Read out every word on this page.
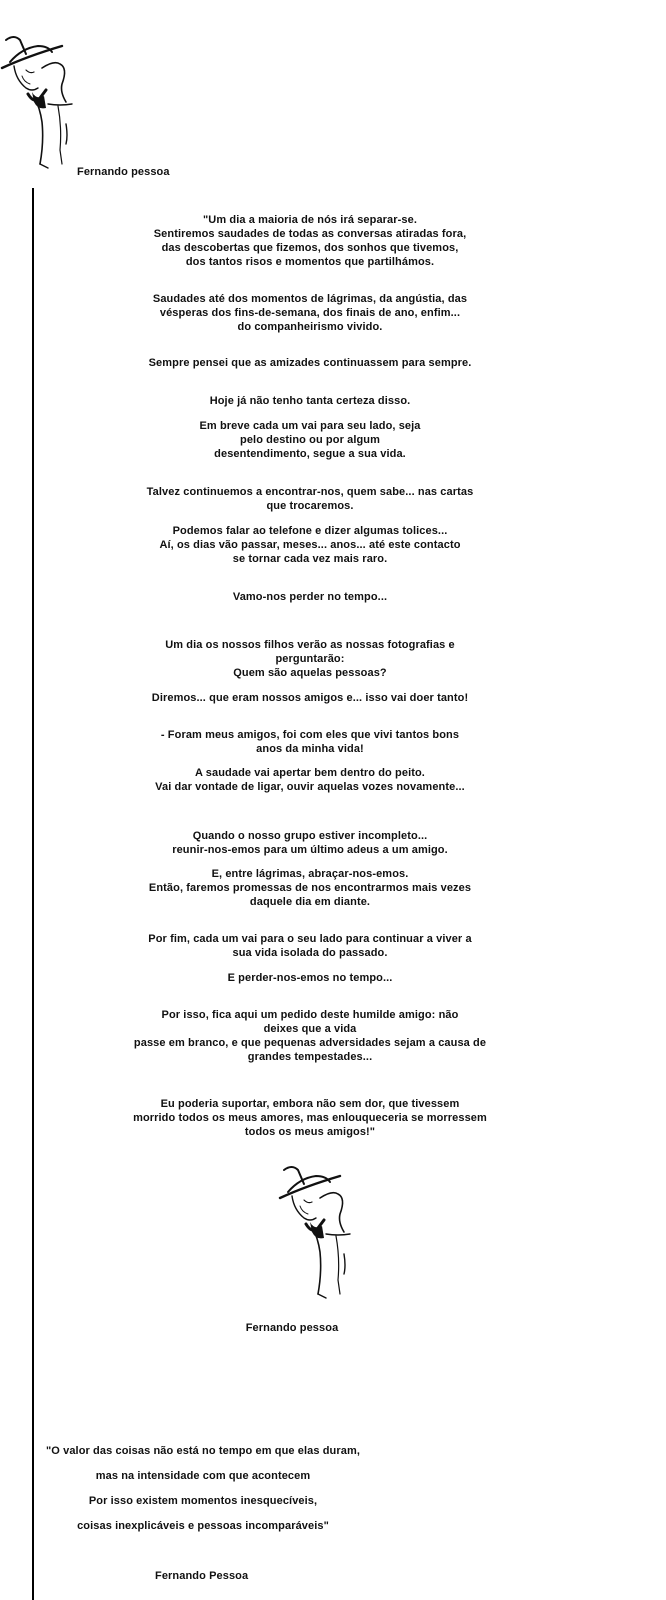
Fernando pessoa

"Um dia a maioria de nós irá separar-se.
Sentiremos saudades de todas as conversas atiradas fora,
das descobertas que fizemos, dos sonhos que tivemos,
dos tantos risos e momentos que partilhámos.

Saudades até dos momentos de lágrimas, da angústia, das
vésperas dos fins-de-semana, dos finais de ano, enfim...
do companheirismo vivido.

Sempre pensei que as amizades continuassem para sempre.

Hoje já não tenho tanta certeza disso.

Em breve cada um vai para seu lado, seja
pelo destino ou por algum
desentendimento, segue a sua vida.

Talvez continuemos a encontrar-nos, quem sabe... nas cartas
que trocaremos.

Podemos falar ao telefone e dizer algumas tolices...
Aí, os dias vão passar, meses... anos... até este contacto
se tornar cada vez mais raro.

Vamo-nos perder no tempo...

Um dia os nossos filhos verão as nossas fotografias e
perguntarão:
Quem são aquelas pessoas?

Diremos... que eram nossos amigos e... isso vai doer tanto!

- Foram meus amigos, foi com eles que vivi tantos bons
anos da minha vida!

A saudade vai apertar bem dentro do peito.
Vai dar vontade de ligar, ouvir aquelas vozes novamente...

Quando o nosso grupo estiver incompleto...
reunir-nos-emos para um último adeus a um amigo.

E, entre lágrimas, abraçar-nos-emos.
Então, faremos promessas de nos encontrarmos mais vezes
daquele dia em diante.

Por fim, cada um vai para o seu lado para continuar a viver a
sua vida isolada do passado.

E perder-nos-emos no tempo...

Por isso, fica aqui um pedido deste humilde amigo: não
deixes que a vida
passe em branco, e que pequenas adversidades sejam a causa de
grandes tempestades...

Eu poderia suportar, embora não sem dor, que tivessem
morrido todos os meus amores, mas enlouqueceria se morressem
todos os meus amigos!"

Fernando pessoa

"O valor das coisas não está no tempo em que elas duram,

mas na intensidade com que acontecem

Por isso existem momentos inesquecíveis,

coisas inexplicáveis e pessoas incomparáveis"

Fernando Pessoa
